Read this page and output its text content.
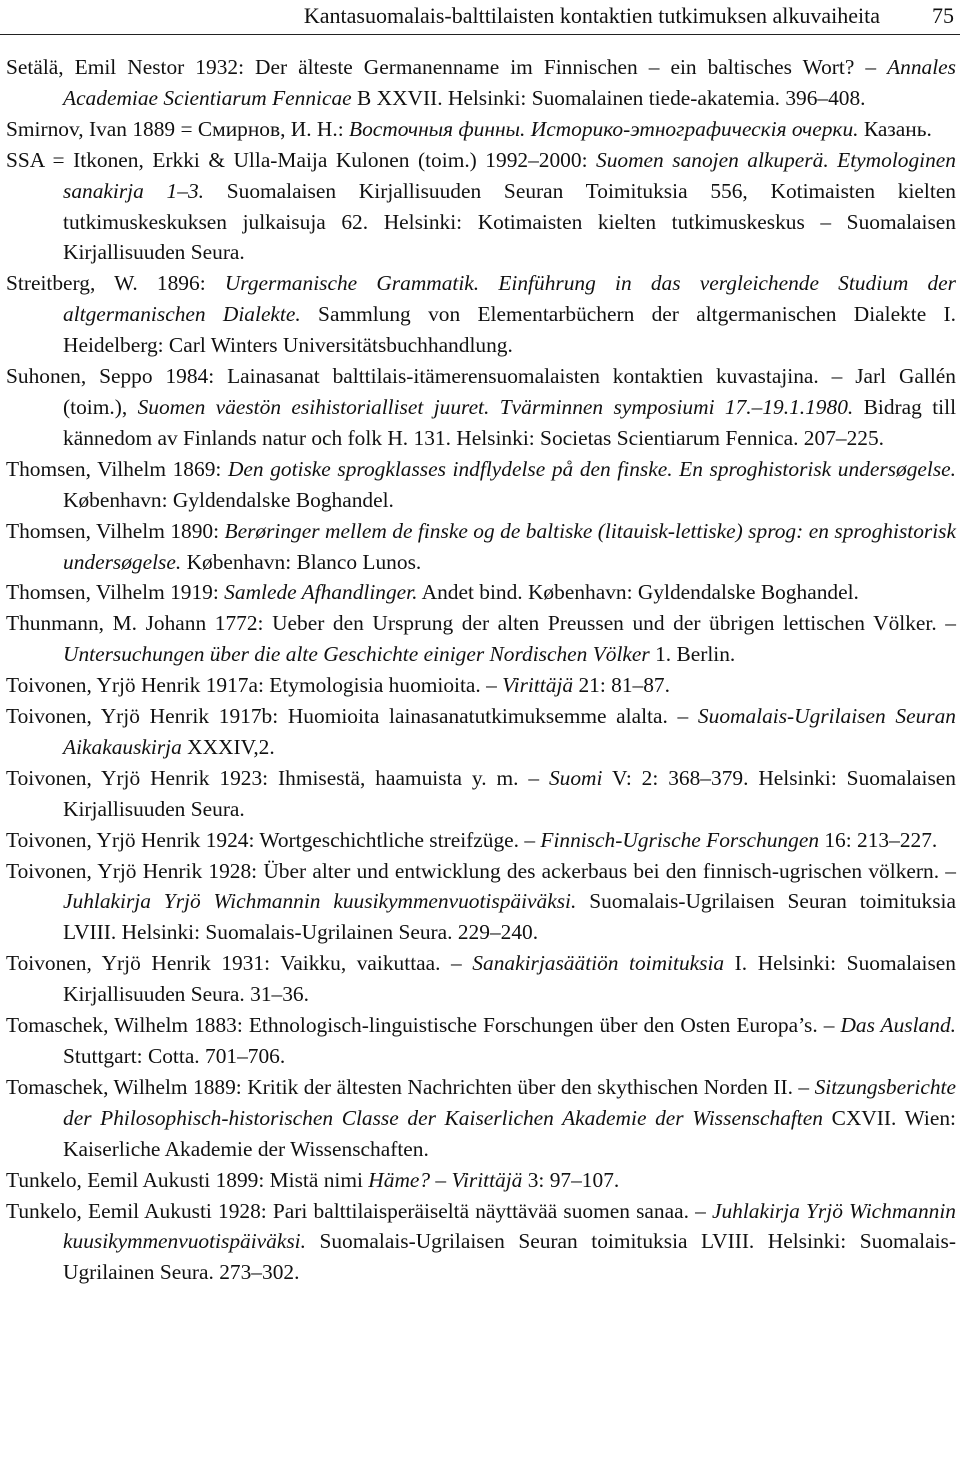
Kantasuomalais-balttilaisten kontaktien tutkimuksen alkuvaiheita 75

Setälä, Emil Nestor 1932: Der älteste Germanenname im Finnischen – ein baltisches Wort? – Annales Academiae Scientiarum Fennicae B XXVII. Helsinki: Suomalainen tiede-akatemia. 396–408.

Smirnov, Ivan 1889 = Смирнов, И. Н.: Восточныя финны. Историко-этнографическія очерки. Казань.

SSA = Itkonen, Erkki & Ulla-Maija Kulonen (toim.) 1992–2000: Suomen sanojen alkuperä. Etymologinen sanakirja 1–3. Suomalaisen Kirjallisuuden Seuran Toimituksia 556, Kotimaisten kielten tutkimuskeskuksen julkaisuja 62. Helsinki: Kotimaisten kielten tutkimuskeskus – Suomalaisen Kirjallisuuden Seura.

Streitberg, W. 1896: Urgermanische Grammatik. Einführung in das vergleichende Studium der altgermanischen Dialekte. Sammlung von Elementarbüchern der altgermanischen Dialekte I. Heidelberg: Carl Winters Universitätsbuchhandlung.

Suhonen, Seppo 1984: Lainasanat balttilais-itämerensuomalaisten kontaktien kuvastajina. – Jarl Gallén (toim.), Suomen väestön esihistorialliset juuret. Tvärminnen symposiumi 17.–19.1.1980. Bidrag till kännedom av Finlands natur och folk H. 131. Helsinki: Societas Scientiarum Fennica. 207–225.

Thomsen, Vilhelm 1869: Den gotiske sprogklasses indflydelse på den finske. En sproghistorisk undersøgelse. København: Gyldendalske Boghandel.

Thomsen, Vilhelm 1890: Berøringer mellem de finske og de baltiske (litauisk-lettiske) sprog: en sproghistorisk undersøgelse. København: Blanco Lunos.

Thomsen, Vilhelm 1919: Samlede Afhandlinger. Andet bind. København: Gyldendalske Boghandel.

Thunmann, M. Johann 1772: Ueber den Ursprung der alten Preussen und der übrigen lettischen Völker. – Untersuchungen über die alte Geschichte einiger Nordischen Völker 1. Berlin.

Toivonen, Yrjö Henrik 1917a: Etymologisia huomioita. – Virittäjä 21: 81–87.

Toivonen, Yrjö Henrik 1917b: Huomioita lainasanatutkimuksemme alalta. – Suomalais-Ugrilaisen Seuran Aikakauskirja XXXIV,2.

Toivonen, Yrjö Henrik 1923: Ihmisestä, haamuista y. m. – Suomi V: 2: 368–379. Helsinki: Suomalaisen Kirjallisuuden Seura.

Toivonen, Yrjö Henrik 1924: Wortgeschichtliche streifzüge. – Finnisch-Ugrische Forschungen 16: 213–227.

Toivonen, Yrjö Henrik 1928: Über alter und entwicklung des ackerbaus bei den finnisch-ugrischen völkern. – Juhlakirja Yrjö Wichmannin kuusikymmenvuotispäiväksi. Suomalais-Ugrilaisen Seuran toimituksia LVIII. Helsinki: Suomalais-Ugrilainen Seura. 229–240.

Toivonen, Yrjö Henrik 1931: Vaikku, vaikuttaa. – Sanakirjasäätiön toimituksia I. Helsinki: Suomalaisen Kirjallisuuden Seura. 31–36.

Tomaschek, Wilhelm 1883: Ethnologisch-linguistische Forschungen über den Osten Europa’s. – Das Ausland. Stuttgart: Cotta. 701–706.

Tomaschek, Wilhelm 1889: Kritik der ältesten Nachrichten über den skythischen Norden II. – Sitzungsberichte der Philosophisch-historischen Classe der Kaiserlichen Akademie der Wissenschaften CXVII. Wien: Kaiserliche Akademie der Wissenschaften.

Tunkelo, Eemil Aukusti 1899: Mistä nimi Häme? – Virittäjä 3: 97–107.

Tunkelo, Eemil Aukusti 1928: Pari balttilaisperäiseltä näyttävää suomen sanaa. – Juhlakirja Yrjö Wichmannin kuusikymmenvuotispäiväksi. Suomalais-Ugrilaisen Seuran toimituksia LVIII. Helsinki: Suomalais-Ugrilainen Seura. 273–302.
